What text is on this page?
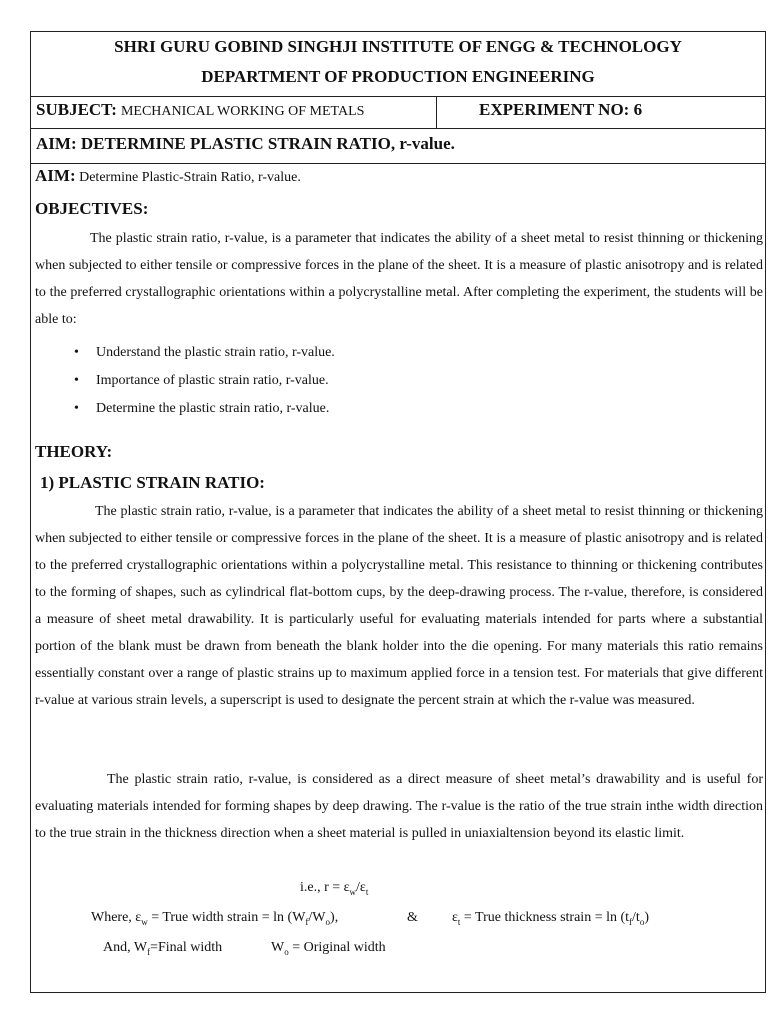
SHRI GURU GOBIND SINGHJI INSTITUTE OF ENGG & TECHNOLOGY
DEPARTMENT OF PRODUCTION ENGINEERING
SUBJECT: MECHANICAL WORKING OF METALS	EXPERIMENT NO: 6
AIM: DETERMINE PLASTIC STRAIN RATIO, r-value.
AIM: Determine Plastic-Strain Ratio, r-value.
OBJECTIVES:
The plastic strain ratio, r-value, is a parameter that indicates the ability of a sheet metal to resist thinning or thickening when subjected to either tensile or compressive forces in the plane of the sheet. It is a measure of plastic anisotropy and is related to the preferred crystallographic orientations within a polycrystalline metal. After completing the experiment, the students will be able to:
• Understand the plastic strain ratio, r-value.
• Importance of plastic strain ratio, r-value.
• Determine the plastic strain ratio, r-value.
THEORY:
1) PLASTIC STRAIN RATIO:
The plastic strain ratio, r-value, is a parameter that indicates the ability of a sheet metal to resist thinning or thickening when subjected to either tensile or compressive forces in the plane of the sheet. It is a measure of plastic anisotropy and is related to the preferred crystallographic orientations within a polycrystalline metal. This resistance to thinning or thickening contributes to the forming of shapes, such as cylindrical flat-bottom cups, by the deep-drawing process. The r-value, therefore, is considered a measure of sheet metal drawability. It is particularly useful for evaluating materials intended for parts where a substantial portion of the blank must be drawn from beneath the blank holder into the die opening. For many materials this ratio remains essentially constant over a range of plastic strains up to maximum applied force in a tension test. For materials that give different r-value at various strain levels, a superscript is used to designate the percent strain at which the r-value was measured.
The plastic strain ratio, r-value, is considered as a direct measure of sheet metal’s drawability and is useful for evaluating materials intended for forming shapes by deep drawing. The r-value is the ratio of the true strain inthe width direction to the true strain in the thickness direction when a sheet material is pulled in uniaxialtension beyond its elastic limit.
i.e., $r = \varepsilon_w/\varepsilon_t$
Where, $\varepsilon_w$ = True width strain = $\ln (W_f/W_o)$,	& $\varepsilon_t$ = True thickness strain = $\ln (t_f/t_o)$
And, $W_f=Final$ width	$W_o$ = Original width
